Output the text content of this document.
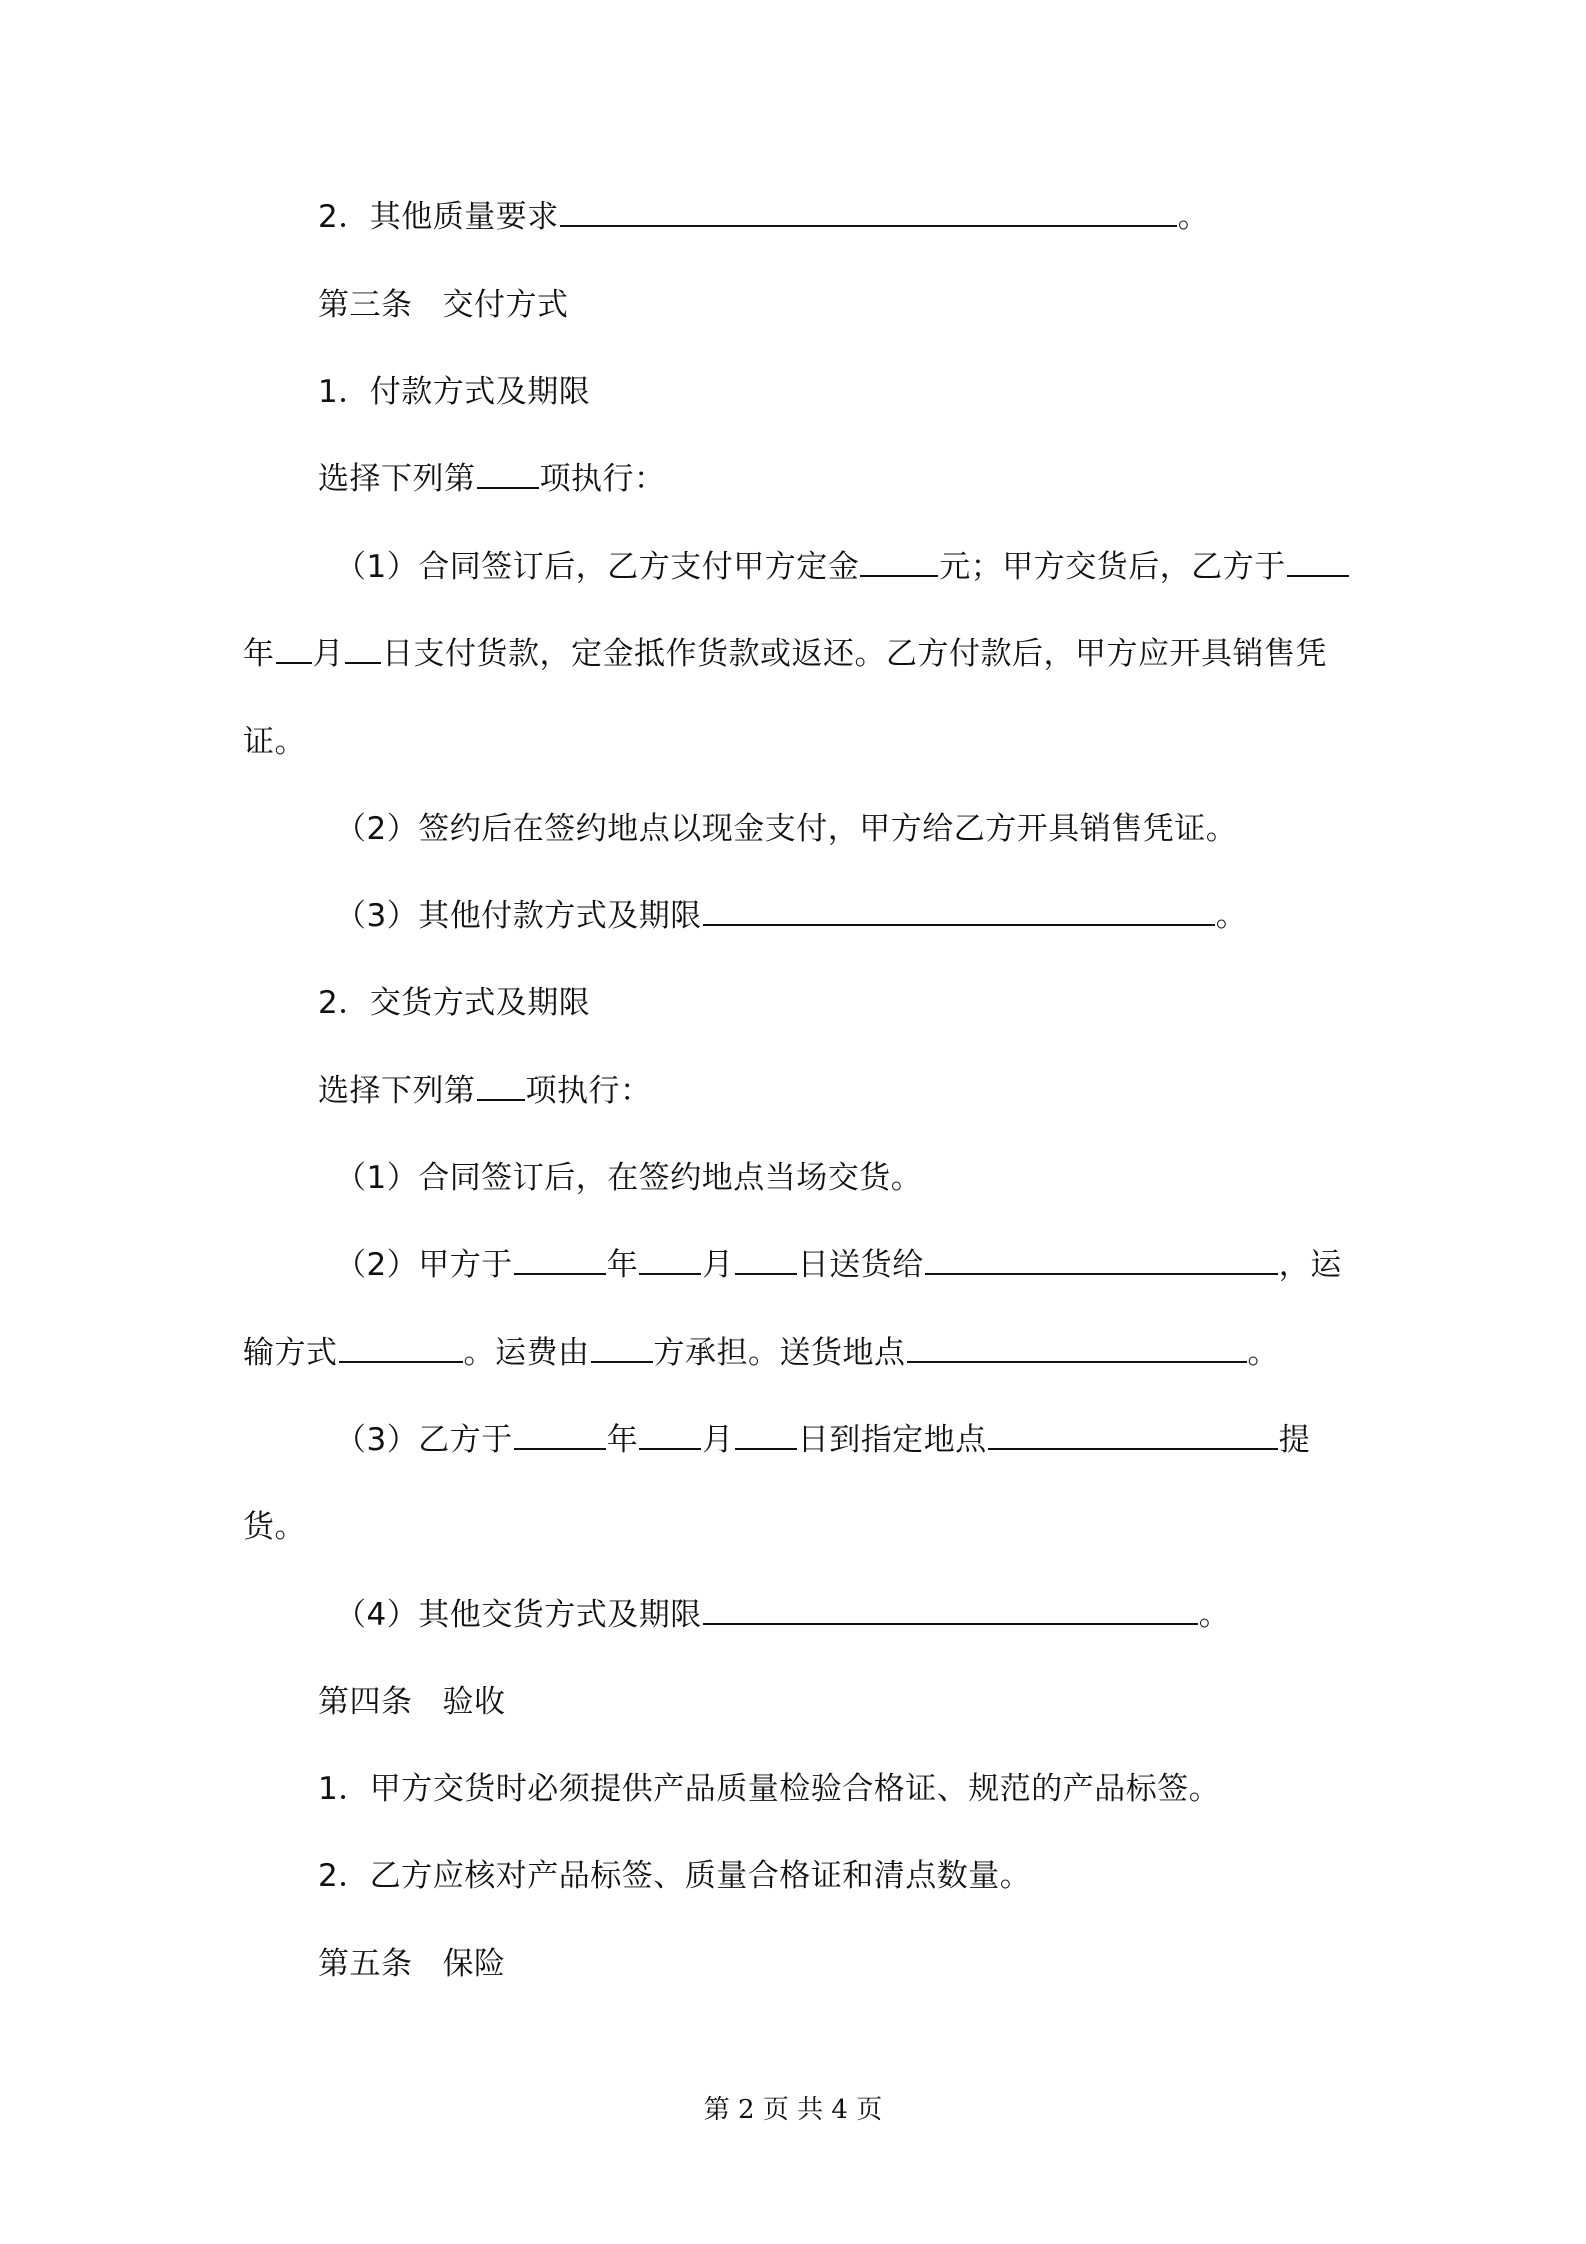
2．其他质量要求	。
第三条 交付方式
1．付款方式及期限
选择下列第 项执行：
（1）合同签订后，乙方支付甲方定金	元；甲方交货后，乙方于
年 月 日支付货款，定金抵作货款或返还。乙方付款后，甲方应开具销售凭
证。
（2）签约后在签约地点以现金支付，甲方给乙方开具销售凭证。
（3）其他付款方式及期限	。
2．交货方式及期限
选择下列第 项执行：
（1）合同签订后，在签约地点当场交货。
（2）甲方于	年 月 日送货给	，运
输方式	。运费由 方承担。送货地点	。
（3）乙方于	年 月 日到指定地点	提
货。
（4）其他交货方式及期限	。
第四条 验收
1．甲方交货时必须提供产品质量检验合格证、规范的产品标签。
2．乙方应核对产品标签、质量合格证和清点数量。
第五条 保险
第 2 页 共 4 页
